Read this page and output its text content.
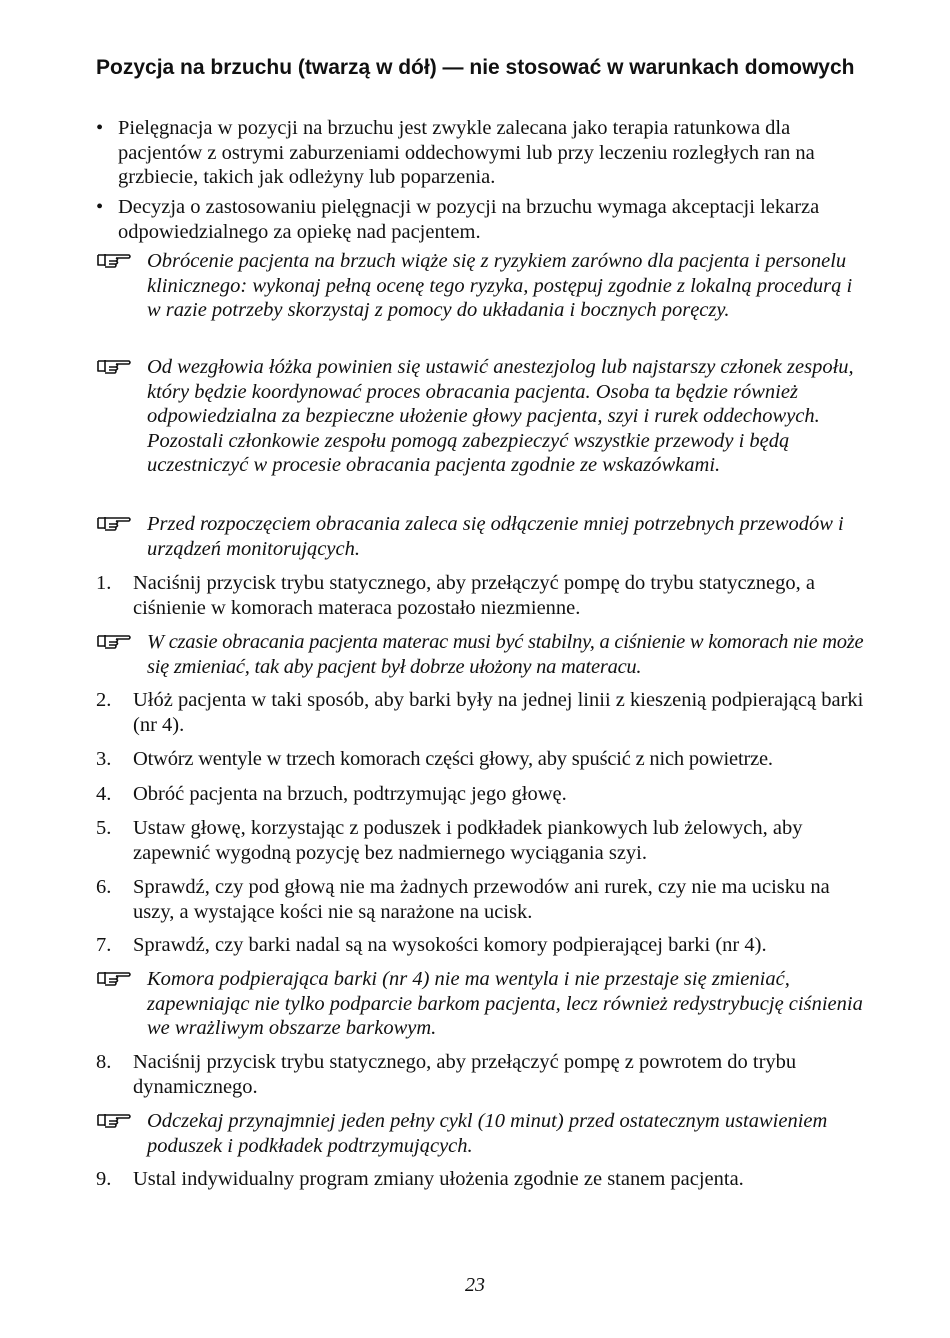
Pozycja na brzuchu (twarzą w dół) — nie stosować w warunkach domowych
• Pielęgnacja w pozycji na brzuchu jest zwykle zalecana jako terapia ratunkowa dla pacjentów z ostrymi zaburzeniami oddechowymi lub przy leczeniu rozległych ran na grzbiecie, takich jak odleżyny lub poparzenia.
• Decyzja o zastosowaniu pielęgnacji w pozycji na brzuchu wymaga akceptacji lekarza odpowiedzialnego za opiekę nad pacjentem.
Obrócenie pacjenta na brzuch wiąże się z ryzykiem zarówno dla pacjenta i personelu klinicznego: wykonaj pełną ocenę tego ryzyka, postępuj zgodnie z lokalną procedurą i w razie potrzeby skorzystaj z pomocy do układania i bocznych poręczy.
Od wezgłowia łóżka powinien się ustawić anestezjolog lub najstarszy członek zespołu, który będzie koordynować proces obracania pacjenta. Osoba ta będzie również odpowiedzialna za bezpieczne ułożenie głowy pacjenta, szyi i rurek oddechowych. Pozostali członkowie zespołu pomogą zabezpieczyć wszystkie przewody i będą uczestniczyć w procesie obracania pacjenta zgodnie ze wskazówkami.
Przed rozpoczęciem obracania zaleca się odłączenie mniej potrzebnych przewodów i urządzeń monitorujących.
1. Naciśnij przycisk trybu statycznego, aby przełączyć pompę do trybu statycznego, a ciśnienie w komorach materaca pozostało niezmienne.
W czasie obracania pacjenta materac musi być stabilny, a ciśnienie w komorach nie może się zmieniać, tak aby pacjent był dobrze ułożony na materacu.
2. Ułóż pacjenta w taki sposób, aby barki były na jednej linii z kieszenią podpierającą barki (nr 4).
3. Otwórz wentyle w trzech komorach części głowy, aby spuścić z nich powietrze.
4. Obróć pacjenta na brzuch, podtrzymując jego głowę.
5. Ustaw głowę, korzystając z poduszek i podkładek piankowych lub żelowych, aby zapewnić wygodną pozycję bez nadmiernego wyciągania szyi.
6. Sprawdź, czy pod głową nie ma żadnych przewodów ani rurek, czy nie ma ucisku na uszy, a wystające kości nie są narażone na ucisk.
7. Sprawdź, czy barki nadal są na wysokości komory podpierającej barki (nr 4).
Komora podpierająca barki (nr 4) nie ma wentyla i nie przestaje się zmieniać, zapewniając nie tylko podparcie barkom pacjenta, lecz również redystrybucję ciśnienia we wrażliwym obszarze barkowym.
8. Naciśnij przycisk trybu statycznego, aby przełączyć pompę z powrotem do trybu dynamicznego.
Odczekaj przynajmniej jeden pełny cykl (10 minut) przed ostatecznym ustawieniem poduszek i podkładek podtrzymujących.
9. Ustal indywidualny program zmiany ułożenia zgodnie ze stanem pacjenta.
23
